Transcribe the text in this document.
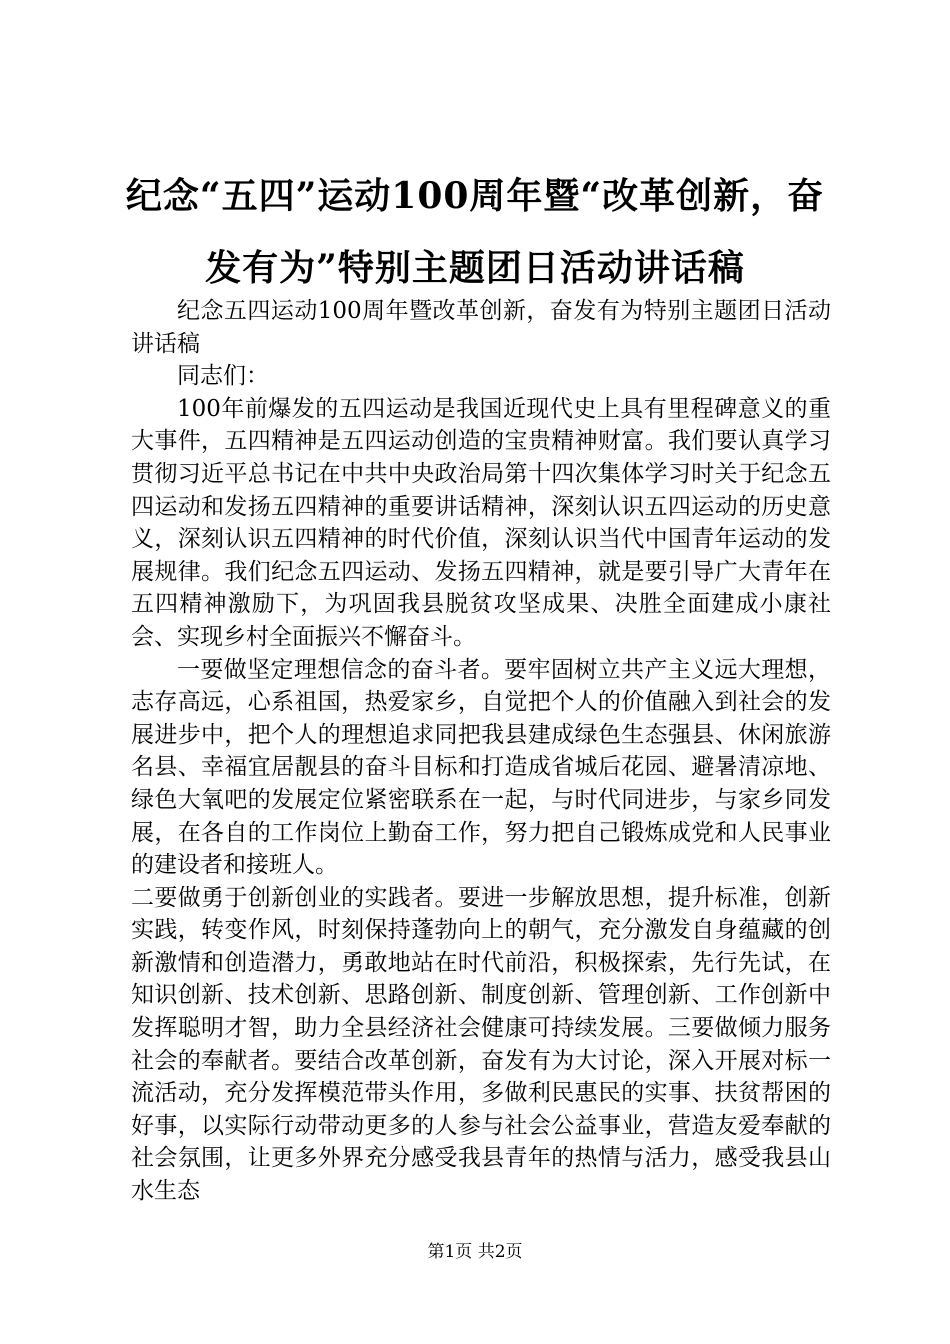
纪念“五四”运动100周年暨“改革创新，奋发有为”特别主题团日活动讲话稿

纪念五四运动100周年暨改革创新，奋发有为特别主题团日活动讲话稿

同志们：

100年前爆发的五四运动是我国近现代史上具有里程碑意义的重大事件，五四精神是五四运动创造的宝贵精神财富。我们要认真学习贯彻习近平总书记在中共中央政治局第十四次集体学习时关于纪念五四运动和发扬五四精神的重要讲话精神，深刻认识五四运动的历史意义，深刻认识五四精神的时代价值，深刻认识当代中国青年运动的发展规律。我们纪念五四运动、发扬五四精神，就是要引导广大青年在五四精神激励下，为巩固我县脱贫攻坚成果、决胜全面建成小康社会、实现乡村全面振兴不懈奋斗。

一要做坚定理想信念的奋斗者。要牢固树立共产主义远大理想，志存高远，心系祖国，热爱家乡，自觉把个人的价值融入到社会的发展进步中，把个人的理想追求同把我县建成绿色生态强县、休闲旅游名县、幸福宜居靓县的奋斗目标和打造成省城后花园、避暑清凉地、绿色大氧吧的发展定位紧密联系在一起，与时代同进步，与家乡同发展，在各自的工作岗位上勤奋工作，努力把自己锻炼成党和人民事业的建设者和接班人。

二要做勇于创新创业的实践者。要进一步解放思想，提升标准，创新实践，转变作风，时刻保持蓬勃向上的朝气，充分激发自身蕴藏的创新激情和创造潜力，勇敢地站在时代前沿，积极探索，先行先试，在知识创新、技术创新、思路创新、制度创新、管理创新、工作创新中发挥聪明才智，助力全县经济社会健康可持续发展。三要做倾力服务社会的奉献者。要结合改革创新，奋发有为大讨论，深入开展对标一流活动，充分发挥模范带头作用，多做利民惠民的实事、扶贫帮困的好事，以实际行动带动更多的人参与社会公益事业，营造友爱奉献的社会氛围，让更多外界充分感受我县青年的热情与活力，感受我县山水生态

第1页 共2页
